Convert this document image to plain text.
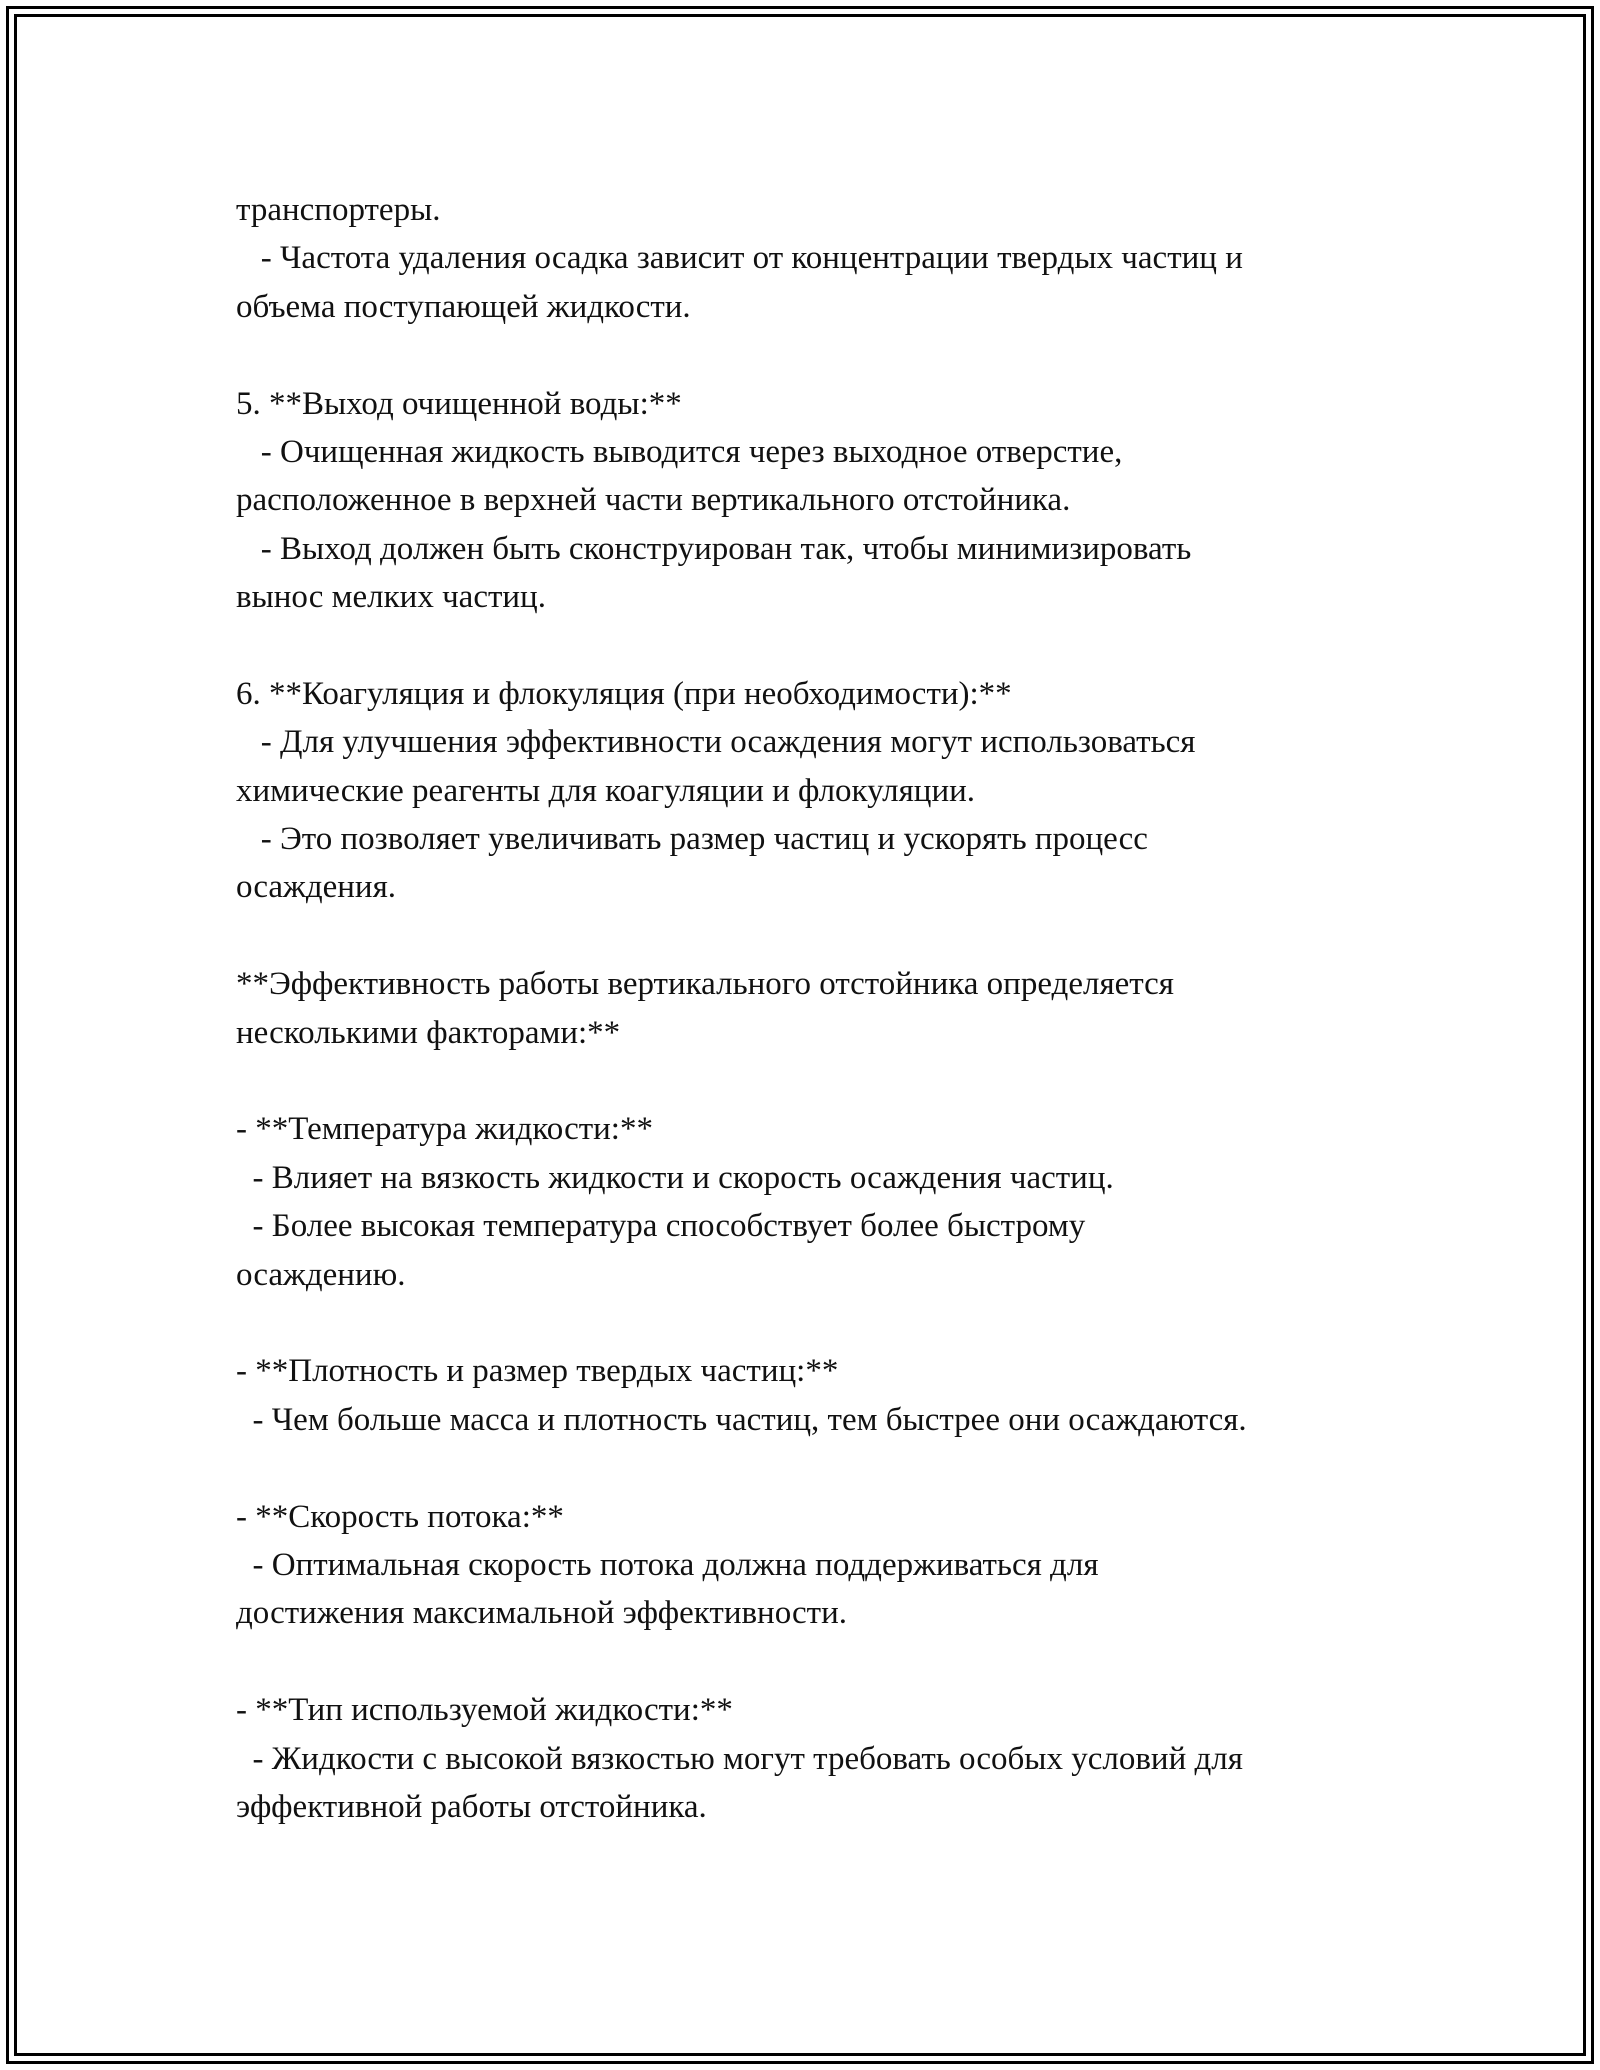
транспортеры.
- Частота удаления осадка зависит от концентрации твердых частиц и
объема поступающей жидкости.
5. **Выход очищенной воды:**
- Очищенная жидкость выводится через выходное отверстие,
расположенное в верхней части вертикального отстойника.
- Выход должен быть сконструирован так, чтобы минимизировать
вынос мелких частиц.
6. **Коагуляция и флокуляция (при необходимости):**
- Для улучшения эффективности осаждения могут использоваться
химические реагенты для коагуляции и флокуляции.
- Это позволяет увеличивать размер частиц и ускорять процесс
осаждения.
**Эффективность работы вертикального отстойника определяется
несколькими факторами:**
- **Температура жидкости:**
- Влияет на вязкость жидкости и скорость осаждения частиц.
- Более высокая температура способствует более быстрому
осаждению.
- **Плотность и размер твердых частиц:**
- Чем больше масса и плотность частиц, тем быстрее они осаждаются.
- **Скорость потока:**
- Оптимальная скорость потока должна поддерживаться для
достижения максимальной эффективности.
- **Тип используемой жидкости:**
- Жидкости с высокой вязкостью могут требовать особых условий для
эффективной работы отстойника.
